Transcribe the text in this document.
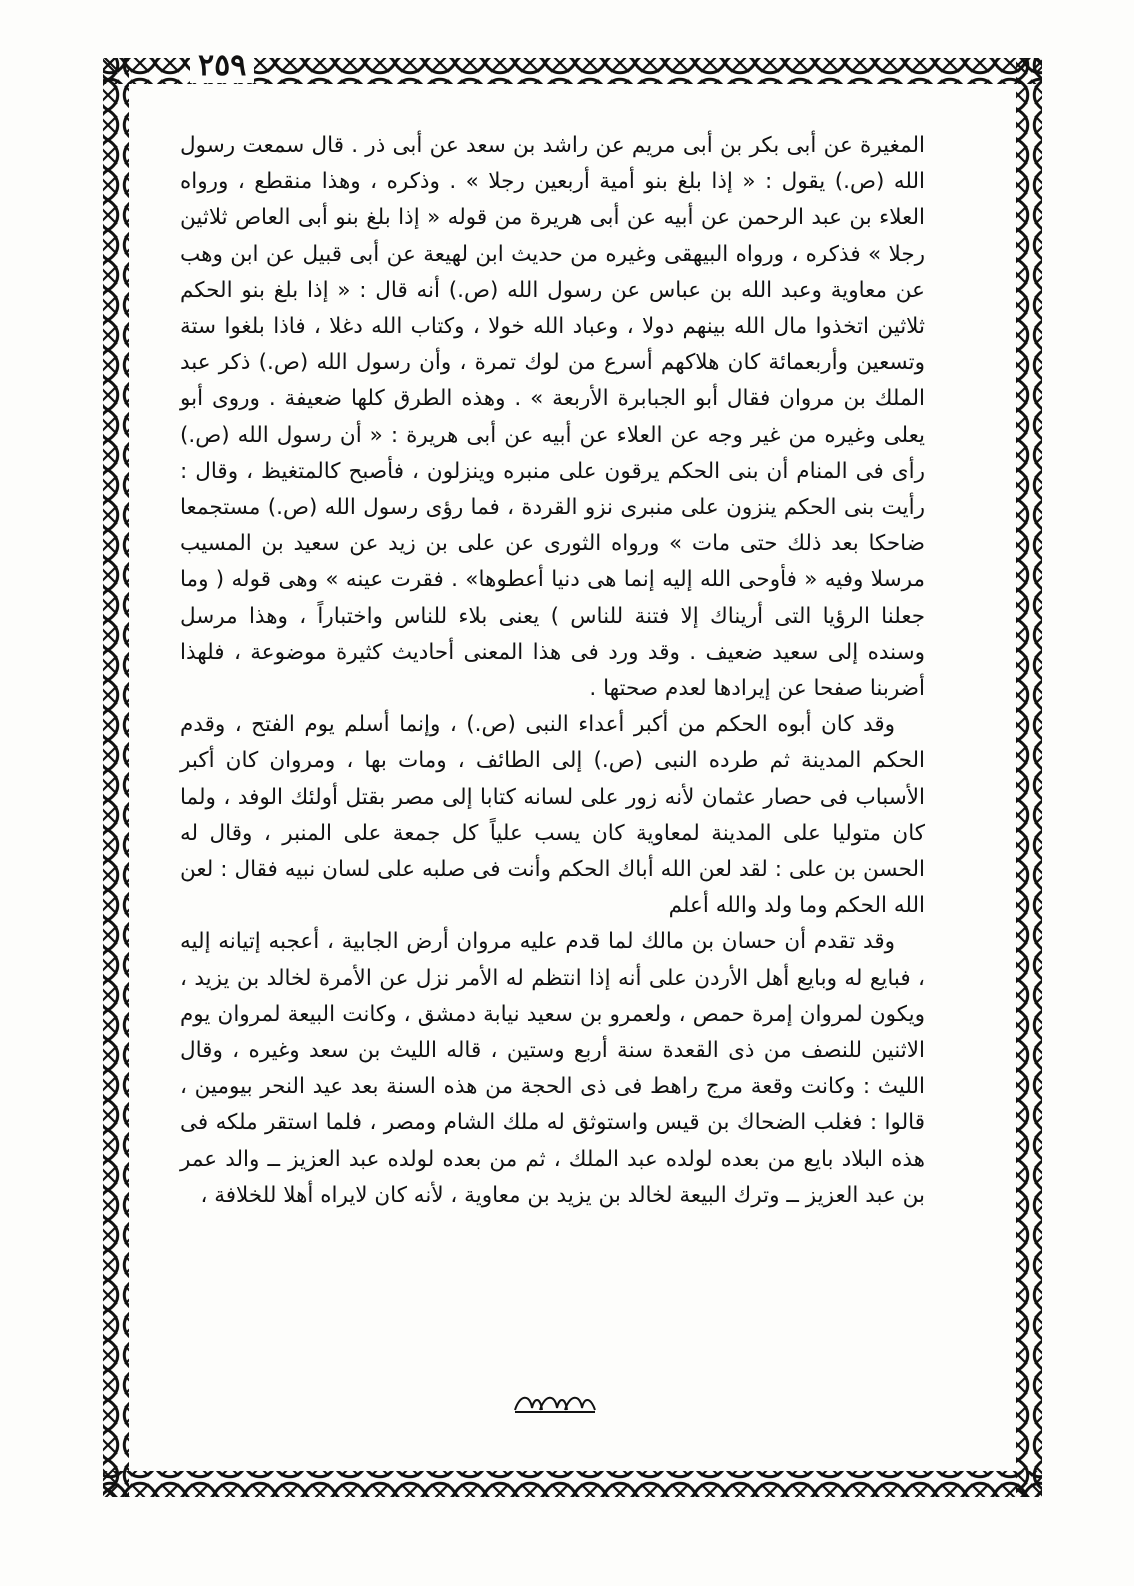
٢٥٩

المغيرة عن أبى بكر بن أبى مريم عن راشد بن سعد عن أبى ذر . قال سمعت رسول الله (ص.) يقول : « إذا بلغ بنو أمية أربعين رجلا » . وذكره ، وهذا منقطع ، ورواه العلاء بن عبد الرحمن عن أبيه عن أبى هريرة من قوله « إذا بلغ بنو أبى العاص ثلاثين رجلا » فذكره ، ورواه البيهقى وغيره من حديث ابن لهيعة عن أبى قبيل عن ابن وهب عن معاوية وعبد الله بن عباس عن رسول الله (ص.) أنه قال : « إذا بلغ بنو الحكم ثلاثين اتخذوا مال الله بينهم دولا ، وعباد الله خولا ، وكتاب الله دغلا ، فاذا بلغوا ستة وتسعين وأربعمائة كان هلاكهم أسرع من لوك تمرة ، وأن رسول الله (ص.) ذكر عبد الملك بن مروان فقال أبو الجبابرة الأربعة » . وهذه الطرق كلها ضعيفة . وروى أبو يعلى وغيره من غير وجه عن العلاء عن أبيه عن أبى هريرة : « أن رسول الله (ص.) رأى فى المنام أن بنى الحكم يرقون على منبره وينزلون ، فأصبح كالمتغيظ ، وقال : رأيت بنى الحكم ينزون على منبرى نزو القردة ، فما رؤى رسول الله (ص.) مستجمعا ضاحكا بعد ذلك حتى مات » ورواه الثورى عن على بن زيد عن سعيد بن المسيب مرسلا وفيه « فأوحى الله إليه إنما هى دنيا أعطوها» . فقرت عينه » وهى قوله ( وما جعلنا الرؤيا التى أريناك إلا فتنة للناس ) يعنى بلاء للناس واختباراً ، وهذا مرسل وسنده إلى سعيد ضعيف . وقد ورد فى هذا المعنى أحاديث كثيرة موضوعة ، فلهذا أضربنا صفحا عن إيرادها لعدم صحتها .

وقد كان أبوه الحكم من أكبر أعداء النبى (ص.) ، وإنما أسلم يوم الفتح ، وقدم الحكم المدينة ثم طرده النبى (ص.) إلى الطائف ، ومات بها ، ومروان كان أكبر الأسباب فى حصار عثمان لأنه زور على لسانه كتابا إلى مصر بقتل أولئك الوفد ، ولما كان متوليا على المدينة لمعاوية كان يسب علياً كل جمعة على المنبر ، وقال له الحسن بن على : لقد لعن الله أباك الحكم وأنت فى صلبه على لسان نبيه فقال : لعن الله الحكم وما ولد والله أعلم

وقد تقدم أن حسان بن مالك لما قدم عليه مروان أرض الجابية ، أعجبه إتيانه إليه ، فبايع له وبايع أهل الأردن على أنه إذا انتظم له الأمر نزل عن الأمرة لخالد بن يزيد ، ويكون لمروان إمرة حمص ، ولعمرو بن سعيد نيابة دمشق ، وكانت البيعة لمروان يوم الاثنين للنصف من ذى القعدة سنة أربع وستين ، قاله الليث بن سعد وغيره ، وقال الليث : وكانت وقعة مرج راهط فى ذى الحجة من هذه السنة بعد عيد النحر بيومين ، قالوا : فغلب الضحاك بن قيس واستوثق له ملك الشام ومصر ، فلما استقر ملكه فى هذه البلاد بايع من بعده لولده عبد الملك ، ثم من بعده لولده عبد العزيز ــ والد عمر بن عبد العزيز ــ وترك البيعة لخالد بن يزيد بن معاوية ، لأنه كان لايراه أهلا للخلافة ،
